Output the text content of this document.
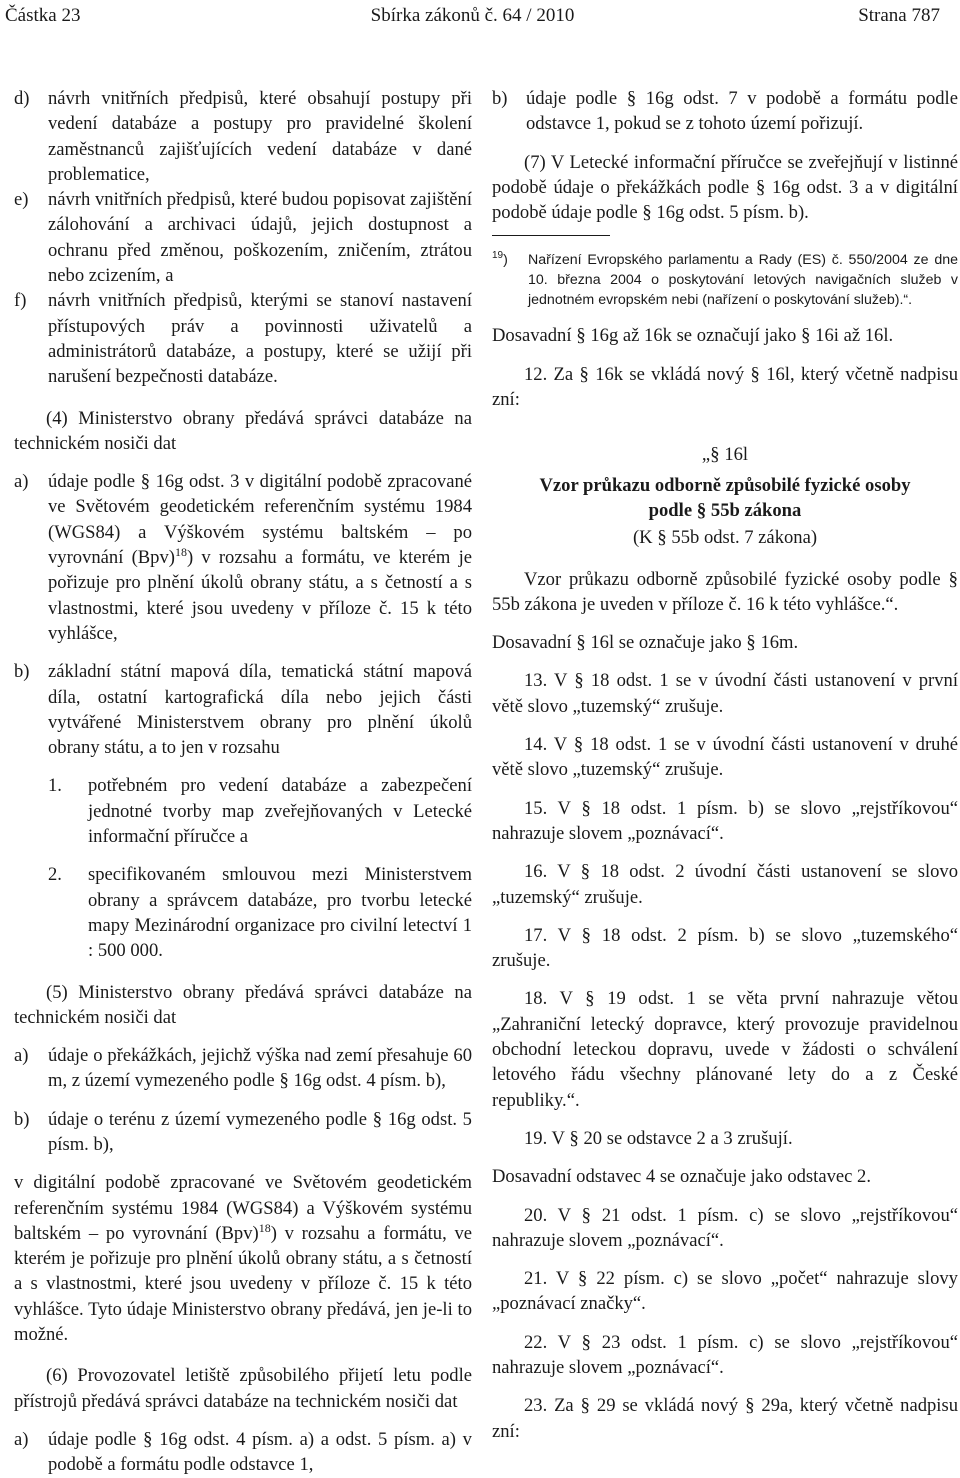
Částka 23	Sbírka zákonů č. 64 / 2010	Strana 787

d) návrh vnitřních předpisů, které obsahují postupy při vedení databáze a postupy pro pravidelné školení zaměstnanců zajišťujících vedení databáze v dané problematice,

e) návrh vnitřních předpisů, které budou popisovat zajištění zálohování a archivaci údajů, jejich dostupnost a ochranu před změnou, poškozením, zničením, ztrátou nebo zcizením, a

f) návrh vnitřních předpisů, kterými se stanoví nastavení přístupových práv a povinnosti uživatelů a administrátorů databáze, a postupy, které se užijí při narušení bezpečnosti databáze.

(4) Ministerstvo obrany předává správci databáze na technickém nosiči dat

a) údaje podle § 16g odst. 3 v digitální podobě zpracované ve Světovém geodetickém referenčním systému 1984 (WGS84) a Výškovém systému baltském – po vyrovnání (Bpv)$^{18}$) v rozsahu a formátu, ve kterém je pořizuje pro plnění úkolů obrany státu, a s četností a s vlastnostmi, které jsou uvedeny v příloze č. 15 k této vyhlášce,

b) základní státní mapová díla, tematická státní mapová díla, ostatní kartografická díla nebo jejich části vytvářené Ministerstvem obrany pro plnění úkolů obrany státu, a to jen v rozsahu

1. potřebném pro vedení databáze a zabezpečení jednotné tvorby map zveřejňovaných v Letecké informační příručce a

2. specifikovaném smlouvou mezi Ministerstvem obrany a správcem databáze, pro tvorbu letecké mapy Mezinárodní organizace pro civilní letectví 1 : 500 000.

(5) Ministerstvo obrany předává správci databáze na technickém nosiči dat

a) údaje o překážkách, jejichž výška nad zemí přesahuje 60 m, z území vymezeného podle § 16g odst. 4 písm. b),

b) údaje o terénu z území vymezeného podle § 16g odst. 5 písm. b),

v digitální podobě zpracované ve Světovém geodetickém referenčním systému 1984 (WGS84) a Výškovém systému baltském – po vyrovnání (Bpv)$^{18}$) v rozsahu a formátu, ve kterém je pořizuje pro plnění úkolů obrany státu, a s četností a s vlastnostmi, které jsou uvedeny v příloze č. 15 k této vyhlášce. Tyto údaje Ministerstvo obrany předává, jen je-li to možné.

(6) Provozovatel letiště způsobilého přijetí letu podle přístrojů předává správci databáze na technickém nosiči dat

a) údaje podle § 16g odst. 4 písm. a) a odst. 5 písm. a) v podobě a formátu podle odstavce 1,

b) údaje podle § 16g odst. 7 v podobě a formátu podle odstavce 1, pokud se z tohoto území pořizují.

(7) V Letecké informační příručce se zveřejňují v listinné podobě údaje o překážkách podle § 16g odst. 3 a v digitální podobě údaje podle § 16g odst. 5 písm. b).

$^{19}$) Nařízení Evropského parlamentu a Rady (ES) č. 550/2004 ze dne 10. března 2004 o poskytování letových navigačních služeb v jednotném evropském nebi (nařízení o poskytování služeb).“.

Dosavadní § 16g až 16k se označují jako § 16i až 16l.

12. Za § 16k se vkládá nový § 16l, který včetně nadpisu zní:

„§ 16l

Vzor průkazu odborně způsobilé fyzické osoby

podle § 55b zákona

(K § 55b odst. 7 zákona)

Vzor průkazu odborně způsobilé fyzické osoby podle § 55b zákona je uveden v příloze č. 16 k této vyhlášce.“.

Dosavadní § 16l se označuje jako § 16m.

13. V § 18 odst. 1 se v úvodní části ustanovení v první větě slovo „tuzemský“ zrušuje.

14. V § 18 odst. 1 se v úvodní části ustanovení v druhé větě slovo „tuzemský“ zrušuje.

15. V § 18 odst. 1 písm. b) se slovo „rejstříkovou“ nahrazuje slovem „poznávací“.

16. V § 18 odst. 2 úvodní části ustanovení se slovo „tuzemský“ zrušuje.

17. V § 18 odst. 2 písm. b) se slovo „tuzemského“ zrušuje.

18. V § 19 odst. 1 se věta první nahrazuje větou „Zahraniční letecký dopravce, který provozuje pravidelnou obchodní leteckou dopravu, uvede v žádosti o schválení letového řádu všechny plánované lety do a z České republiky.“.

19. V § 20 se odstavce 2 a 3 zrušují.

Dosavadní odstavec 4 se označuje jako odstavec 2.

20. V § 21 odst. 1 písm. c) se slovo „rejstříkovou“ nahrazuje slovem „poznávací“.

21. V § 22 písm. c) se slovo „počet“ nahrazuje slovy „poznávací značky“.

22. V § 23 odst. 1 písm. c) se slovo „rejstříkovou“ nahrazuje slovem „poznávací“.

23. Za § 29 se vkládá nový § 29a, který včetně nadpisu zní:
